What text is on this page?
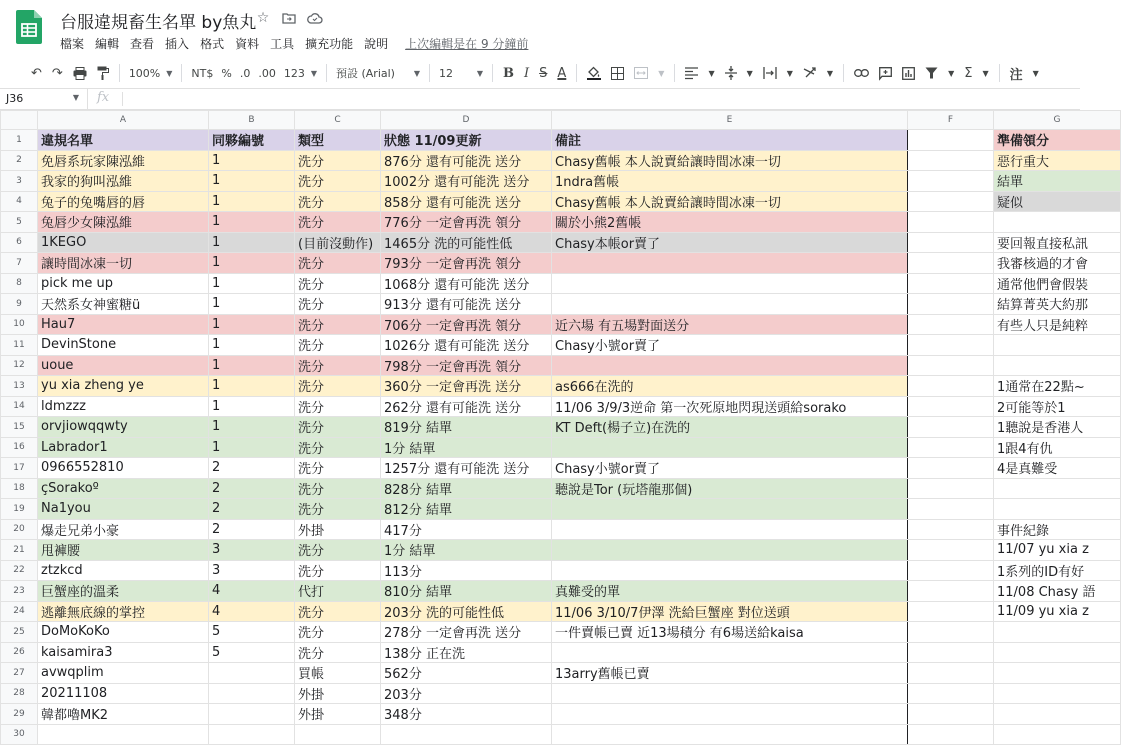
台服違規畜生名單 by魚丸 ☆
檔案 編輯 查看 插入 格式 資料 工具 擴充功能 說明	上次編輯是在 9 分鐘前
↶ ↷	100% ▼	NT$ % .0 .00 123 ▼ 預設 (Arial) ▼ 12	▼	B I S A	▼	▼	▼	▼	▼	▼ Σ	▼	注	▼
J36	▼ fx
	A	B	C	D	E	F	G
1	違規名單	同夥編號	類型	狀態 11/09更新	備註		準備領分
2	免唇系玩家陳泓維	1	洗分	876分 還有可能洗 送分	Chasy舊帳 本人說賣給讓時間冰凍一切		惡行重大
3	我家的狗叫泓維	1	洗分	1002分 還有可能洗 送分	1ndra舊帳		結單
4	兔子的兔嘴唇的唇	1	洗分	858分 還有可能洗 送分	Chasy舊帳 本人說賣給讓時間冰凍一切		疑似
5	兔唇少女陳泓維	1	洗分	776分 一定會再洗 領分	關於小熊2舊帳		
6	1KEGO	1	(目前沒動作)	1465分 洗的可能性低	Chasy本帳or賣了		要回報直接私訊
7	讓時間冰凍一切	1	洗分	793分 一定會再洗 領分			我審核過的才會
8	pick me up	1	洗分	1068分 還有可能洗 送分			通常他們會假裝
9	天然系女神蜜糖ü	1	洗分	913分 還有可能洗 送分			結算菁英大約那
10	Hau7	1	洗分	706分 一定會再洗 領分	近六場 有五場對面送分		有些人只是純粹
11	DevinStone	1	洗分	1026分 還有可能洗 送分	Chasy小號or賣了		
12	uoue	1	洗分	798分 一定會再洗 領分			
13	yu xia zheng ye	1	洗分	360分 一定會再洗 送分	as666在洗的		1通常在22點~
14	ldmzzz	1	洗分	262分 還有可能洗 送分	11/06 3/9/3逆命 第一次死原地閃現送頭給sorako		2可能等於1
15	orvjiowqqwty	1	洗分	819分 結單	KT Deft(楊子立)在洗的		1聽說是香港人
16	Labrador1	1	洗分	1分 結單			1跟4有仇
17	0966552810	2	洗分	1257分 還有可能洗 送分	Chasy小號or賣了		4是真難受
18	çSorakoº	2	洗分	828分 結單	聽說是Tor (玩塔龍那個)		
19	Na1you	2	洗分	812分 結單			
20	爆走兄弟小豪	2	外掛	417分			事件紀錄
21	甩褲腰	3	洗分	1分 結單			11/07 yu xia z
22	ztzkcd	3	洗分	113分			1系列的ID有好
23	巨蟹座的溫柔	4	代打	810分 結單	真難受的單		11/08 Chasy 語
24	逃離無底線的掌控	4	洗分	203分 洗的可能性低	11/06 3/10/7伊澤 洗給巨蟹座 對位送頭		11/09 yu xia z
25	DoMoKoKo	5	洗分	278分 一定會再洗 送分	一件賣帳已賣 近13場積分 有6場送給kaisa		
26	kaisamira3	5	洗分	138分 正在洗			
27	avwqplim		買帳	562分	13arry舊帳已賣		
28	20211108		外掛	203分			
29	韓都嚕MK2		外掛	348分			
30							
